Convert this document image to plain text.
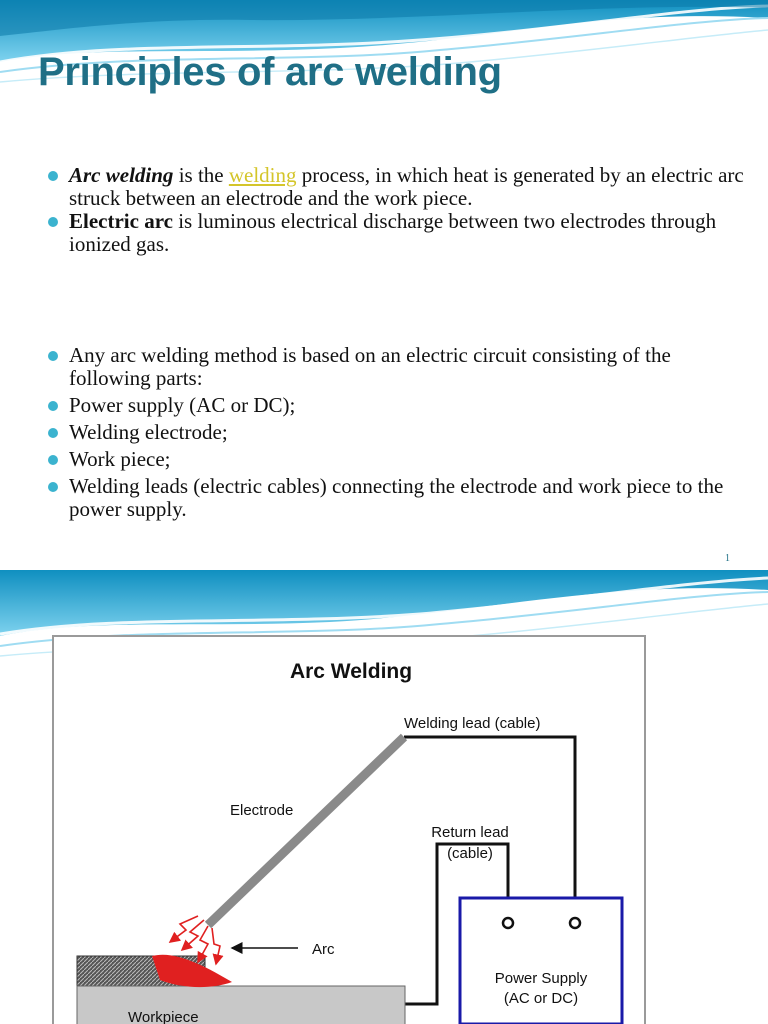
Principles of arc welding
Arc welding is the welding process, in which heat is generated by an electric arc struck between an electrode and the work piece.
Electric arc is luminous electrical discharge between two electrodes through ionized gas.
Any arc welding method is based on an electric circuit consisting of the following parts:
Power supply (AC or DC);
Welding electrode;
Work piece;
Welding leads (electric cables) connecting the electrode and work piece to the power supply.
1
Arc Welding
Welding lead (cable)
Electrode
Return lead
(cable)
Power Supply
(AC or DC)
Workpiece
Arc
